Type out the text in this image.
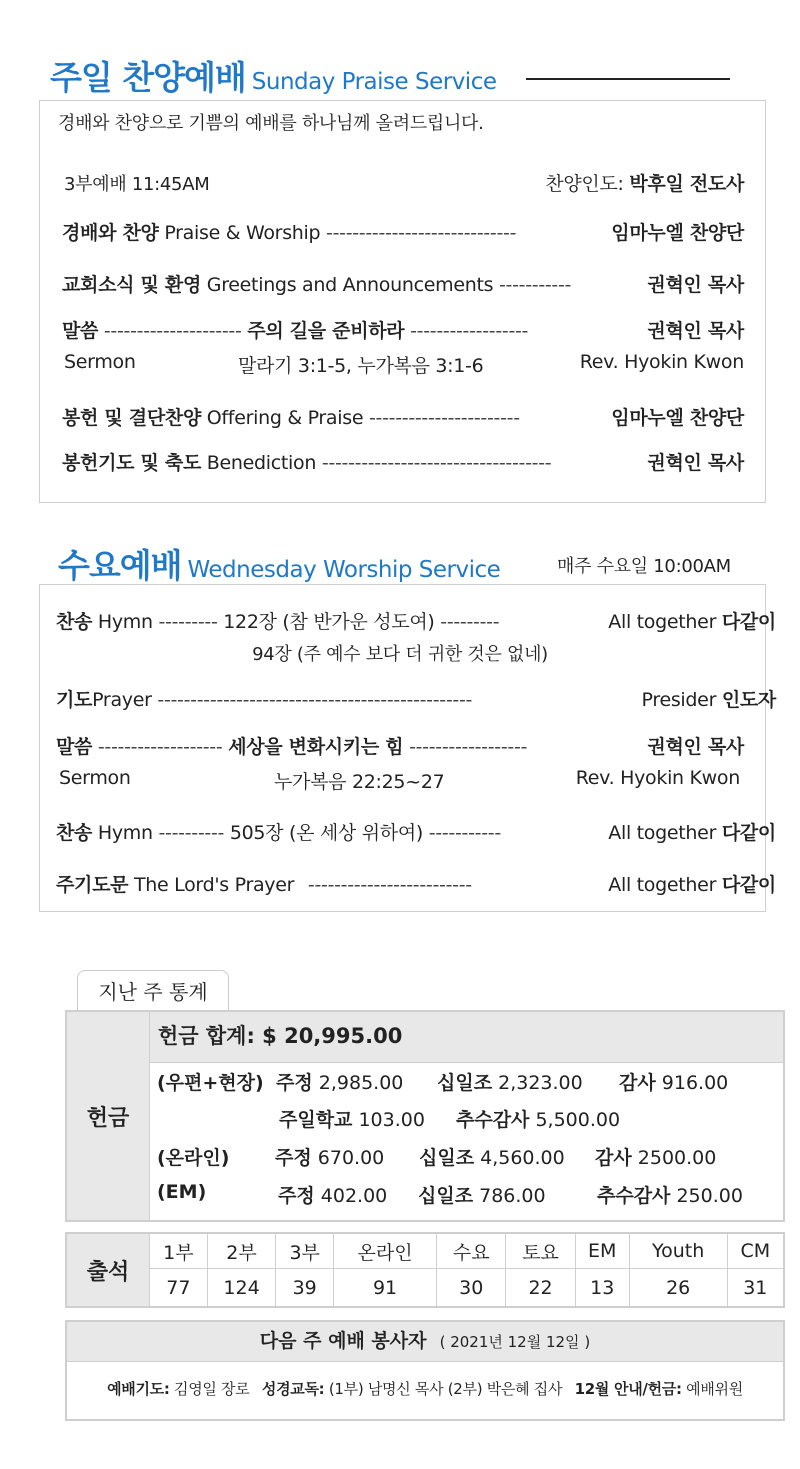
주일 찬양예배 Sunday Praise Service
경배와 찬양으로 기쁨의 예배를 하나님께 올려드립니다.
3부예배 11:45AM	찬양인도: 박후일 전도사
경배와 찬양 Praise & Worship -----------------------------	임마누엘 찬양단
교회소식 및 환영 Greetings and Announcements -----------	권혁인 목사
말씀 --------------------- 주의 길을 준비하라 ------------------	권혁인 목사
Sermon	말라기 3:1-5, 누가복음 3:1-6	Rev. Hyokin Kwon
봉헌 및 결단찬양 Offering & Praise -----------------------	임마누엘 찬양단
봉헌기도 및 축도 Benediction -----------------------------------	권혁인 목사
수요예배 Wednesday Worship Service	매주 수요일 10:00AM
찬송 Hymn --------- 122장 (참 반가운 성도여) ---------	All together 다같이
94장 (주 예수 보다 더 귀한 것은 없네)
기도Prayer ------------------------------------------------	Presider 인도자
말씀 ------------------- 세상을 변화시키는 힘 ------------------	권혁인 목사
Sermon	누가복음 22:25~27	Rev. Hyokin Kwon
찬송 Hymn ---------- 505장 (온 세상 위하여) -----------	All together 다같이
주기도문 The Lord's Prayer -------------------------	All together 다같이
지난 주 통계
헌금
헌금 합계: $ 20,995.00
(우편+현장) 주정 2,985.00 십일조 2,323.00 감사 916.00
주일학교 103.00 추수감사 5,500.00
(온라인) 주정 670.00 십일조 4,560.00 감사 2500.00
(EM)	주정 402.00 십일조 786.00	추수감사 250.00
출석
1부	2부	3부	온라인	수요	토요	EM	Youth	CM
77	124	39	91	30	22	13	26	31
다음 주 예배 봉사자 ( 2021년 12월 12일 )
예배기도: 김영일 장로 성경교독: (1부) 남명신 목사 (2부) 박은혜 집사 12월 안내/헌금: 예배위원
